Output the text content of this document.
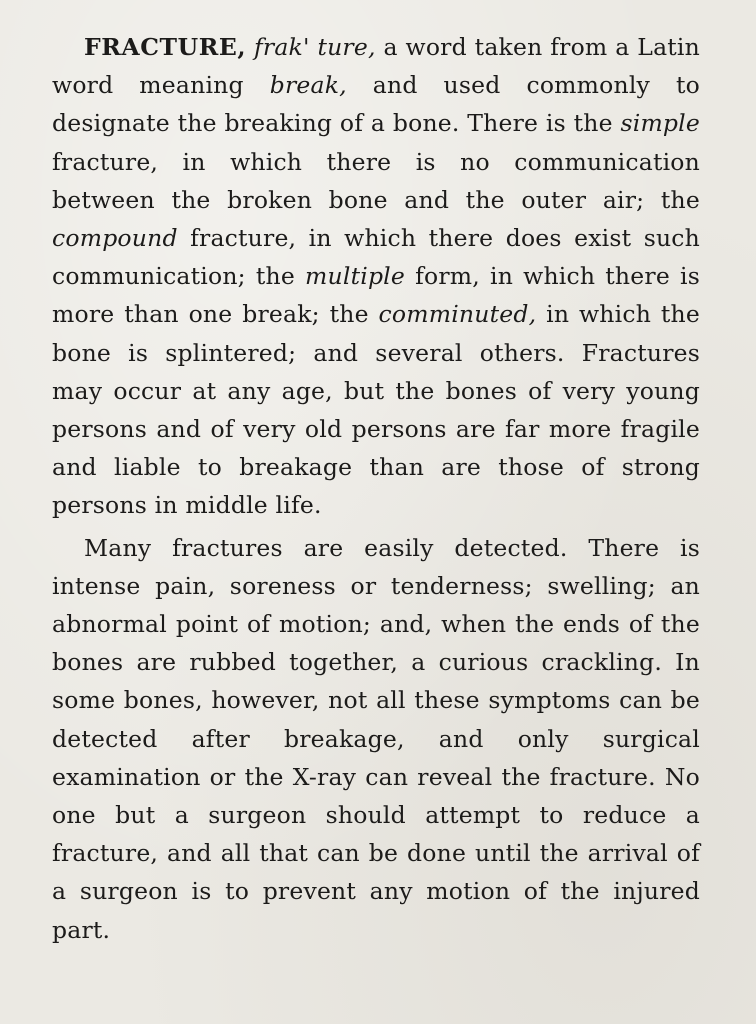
FRACTURE, frak' ture, a word taken from a Latin word meaning break, and used commonly to designate the breaking of a bone. There is the simple fracture, in which there is no communication between the broken bone and the outer air; the compound fracture, in which there does exist such communication; the multiple form, in which there is more than one break; the comminuted, in which the bone is splintered; and several others. Fractures may occur at any age, but the bones of very young persons and of very old persons are far more fragile and liable to breakage than are those of strong persons in middle life.

Many fractures are easily detected. There is intense pain, soreness or tenderness; swelling; an abnormal point of motion; and, when the ends of the bones are rubbed together, a curious crackling. In some bones, however, not all these symptoms can be detected after breakage, and only surgical examination or the X-ray can reveal the fracture. No one but a surgeon should attempt to reduce a fracture, and all that can be done until the arrival of a surgeon is to prevent any motion of the injured part.
